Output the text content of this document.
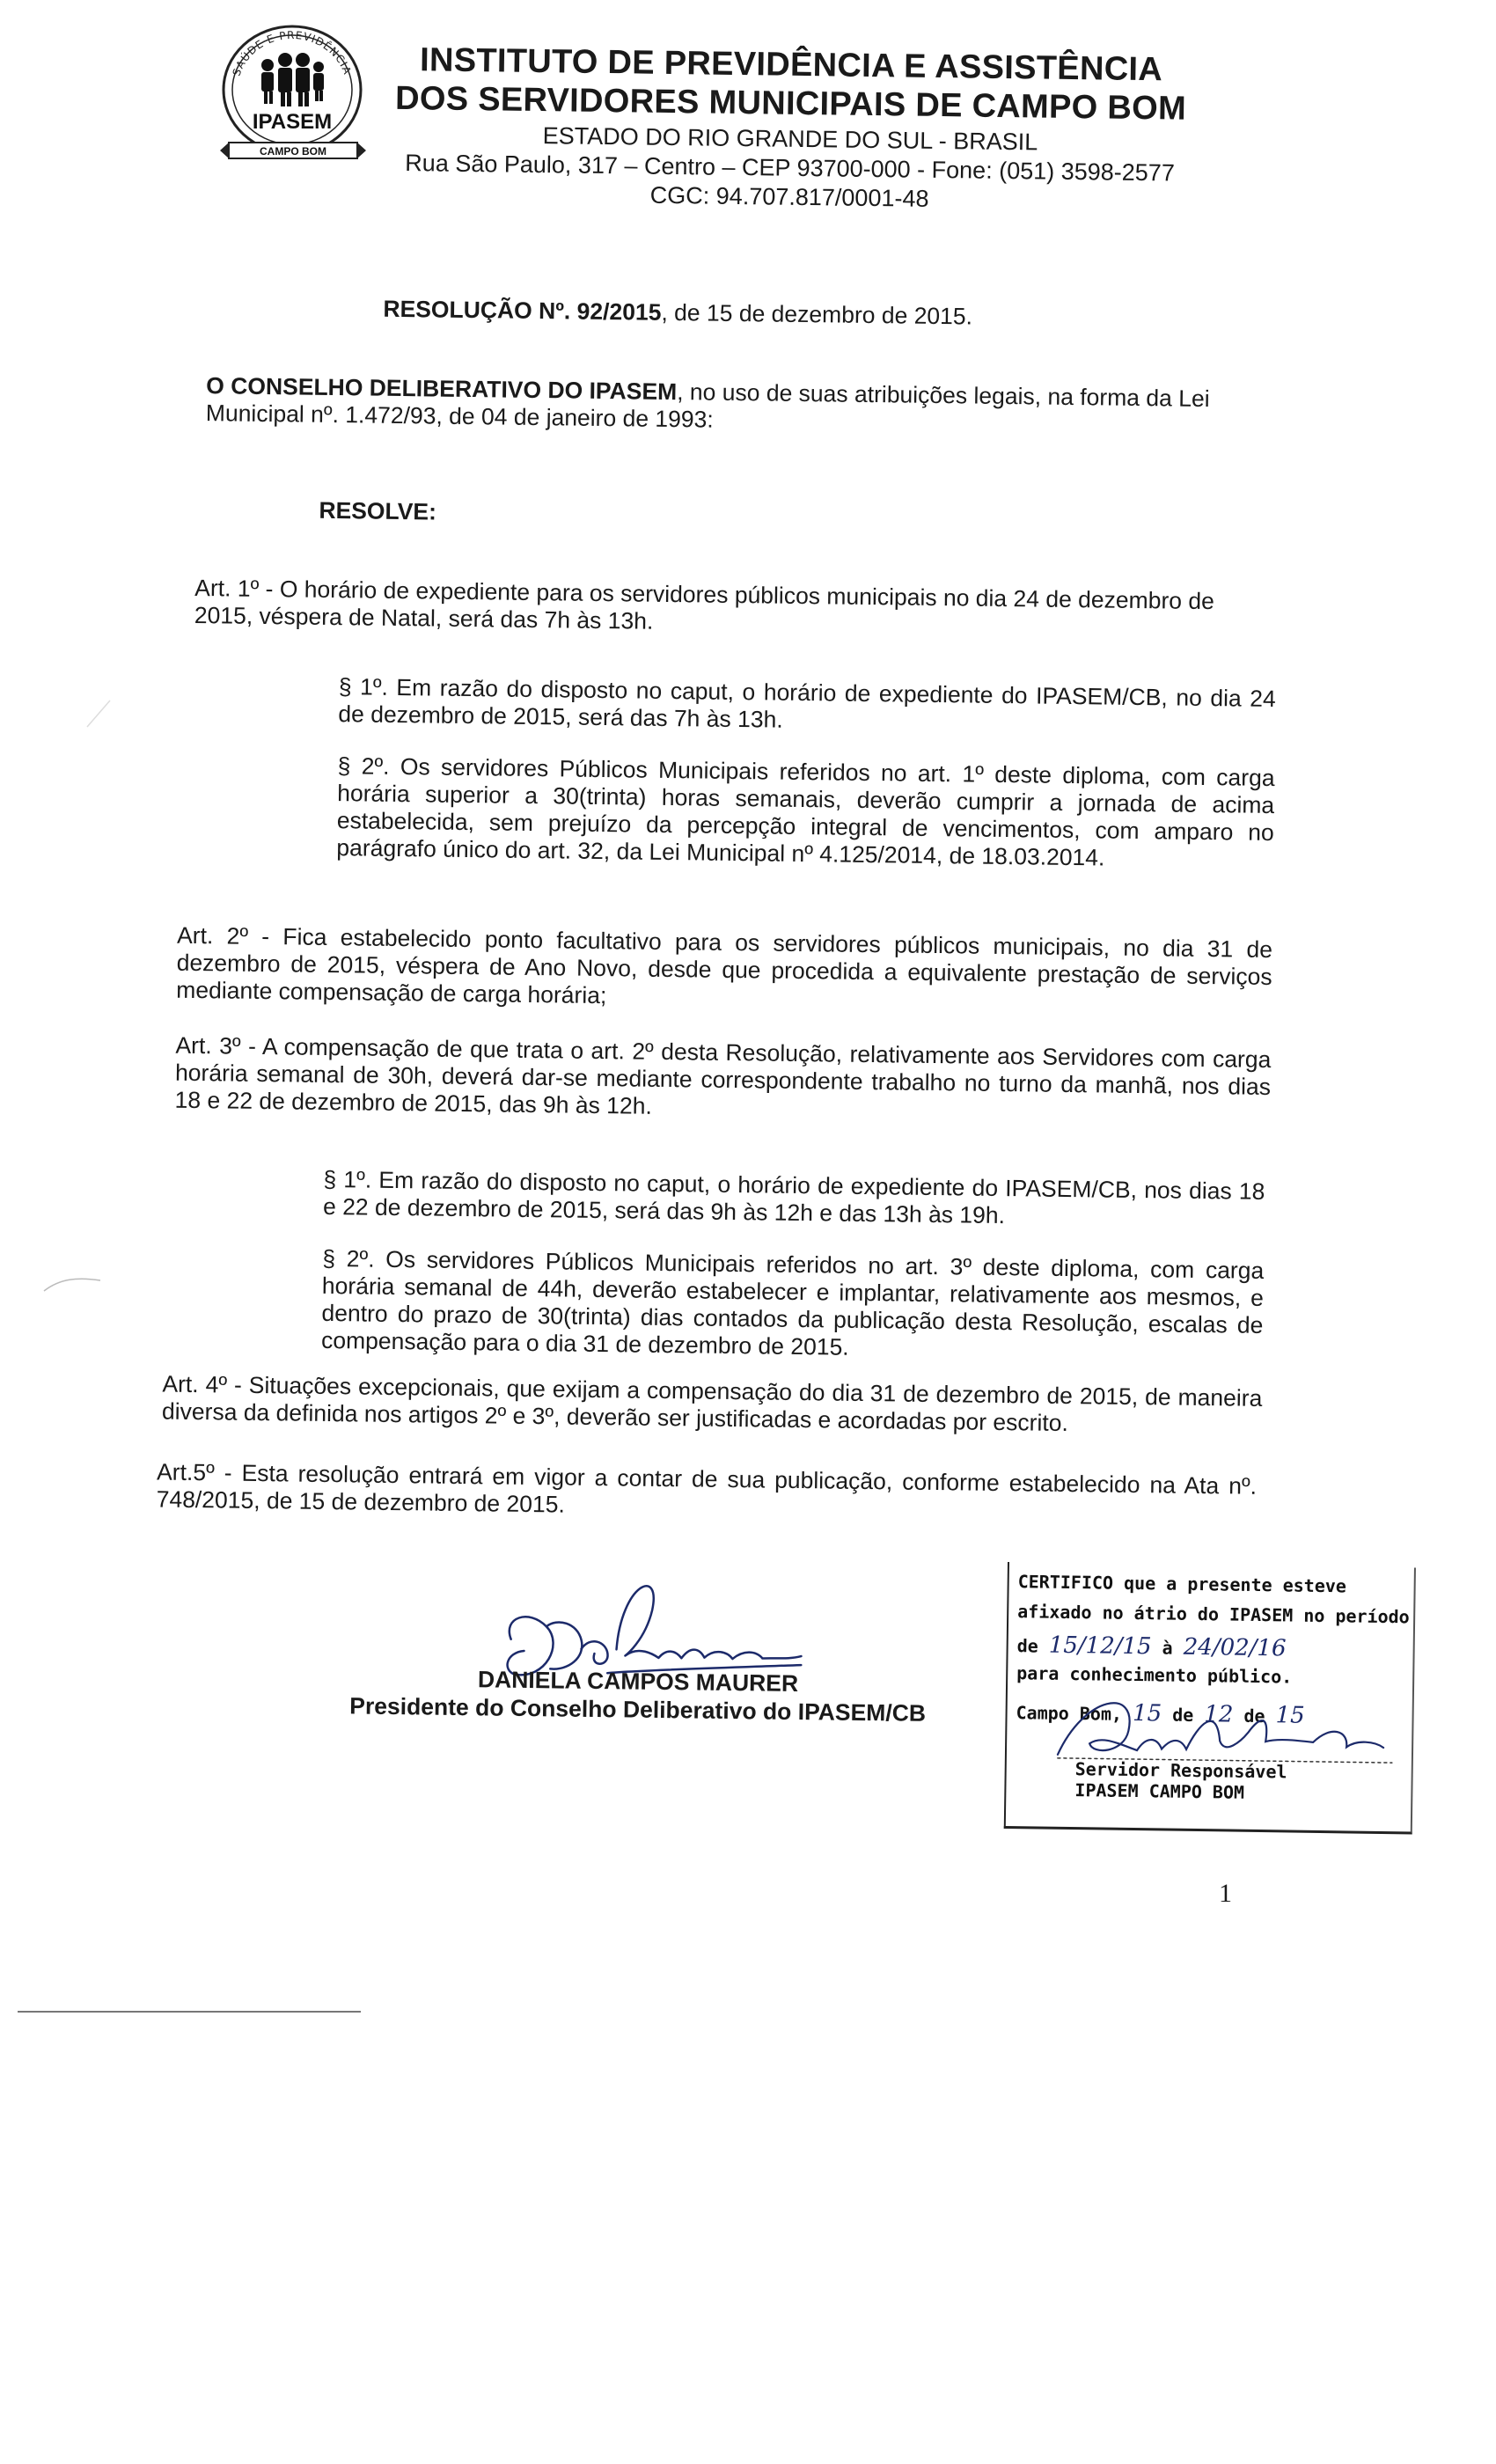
SAÚDE E PREVIDÊNCIA
IPASEM
CAMPO BOM
INSTITUTO DE PREVIDÊNCIA E ASSISTÊNCIA
DOS SERVIDORES MUNICIPAIS DE CAMPO BOM
ESTADO DO RIO GRANDE DO SUL - BRASIL
Rua São Paulo, 317 – Centro – CEP 93700-000 - Fone: (051) 3598-2577
CGC: 94.707.817/0001-48
RESOLUÇÃO Nº. 92/2015, de 15 de dezembro de 2015.
O CONSELHO DELIBERATIVO DO IPASEM, no uso de suas atribuições legais, na forma da Lei Municipal nº. 1.472/93, de 04 de janeiro de 1993:
RESOLVE:
Art. 1º - O horário de expediente para os servidores públicos municipais no dia 24 de dezembro de 2015, véspera de Natal, será das 7h às 13h.
§ 1º. Em razão do disposto no caput, o horário de expediente do IPASEM/CB, no dia 24 de dezembro de 2015, será das 7h às 13h.
§ 2º. Os servidores Públicos Municipais referidos no art. 1º deste diploma, com carga horária superior a 30(trinta) horas semanais, deverão cumprir a jornada de acima estabelecida, sem prejuízo da percepção integral de vencimentos, com amparo no parágrafo único do art. 32, da Lei Municipal nº 4.125/2014, de 18.03.2014.
Art. 2º - Fica estabelecido ponto facultativo para os servidores públicos municipais, no dia 31 de dezembro de 2015, véspera de Ano Novo, desde que procedida a equivalente prestação de serviços mediante compensação de carga horária;
Art. 3º - A compensação de que trata o art. 2º desta Resolução, relativamente aos Servidores com carga horária semanal de 30h, deverá dar-se mediante correspondente trabalho no turno da manhã, nos dias 18 e 22 de dezembro de 2015, das 9h às 12h.
§ 1º. Em razão do disposto no caput, o horário de expediente do IPASEM/CB, nos dias 18 e 22 de dezembro de 2015, será das 9h às 12h e das 13h às 19h.
§ 2º. Os servidores Públicos Municipais referidos no art. 3º deste diploma, com carga horária semanal de 44h, deverão estabelecer e implantar, relativamente aos mesmos, e dentro do prazo de 30(trinta) dias contados da publicação desta Resolução, escalas de compensação para o dia 31 de dezembro de 2015.
Art. 4º - Situações excepcionais, que exijam a compensação do dia 31 de dezembro de 2015, de maneira diversa da definida nos artigos 2º e 3º, deverão ser justificadas e acordadas por escrito.
Art.5º - Esta resolução entrará em vigor a contar de sua publicação, conforme estabelecido na Ata nº. 748/2015, de 15 de dezembro de 2015.
DANIELA CAMPOS MAURER
Presidente do Conselho Deliberativo do IPASEM/CB
CERTIFICO que a presente esteve
afixado no átrio do IPASEM no período
de 15/12/15 à 24/02/16
para conhecimento público.
Campo Bom, 15 de 12 de 15
Servidor Responsável
IPASEM CAMPO BOM
1
